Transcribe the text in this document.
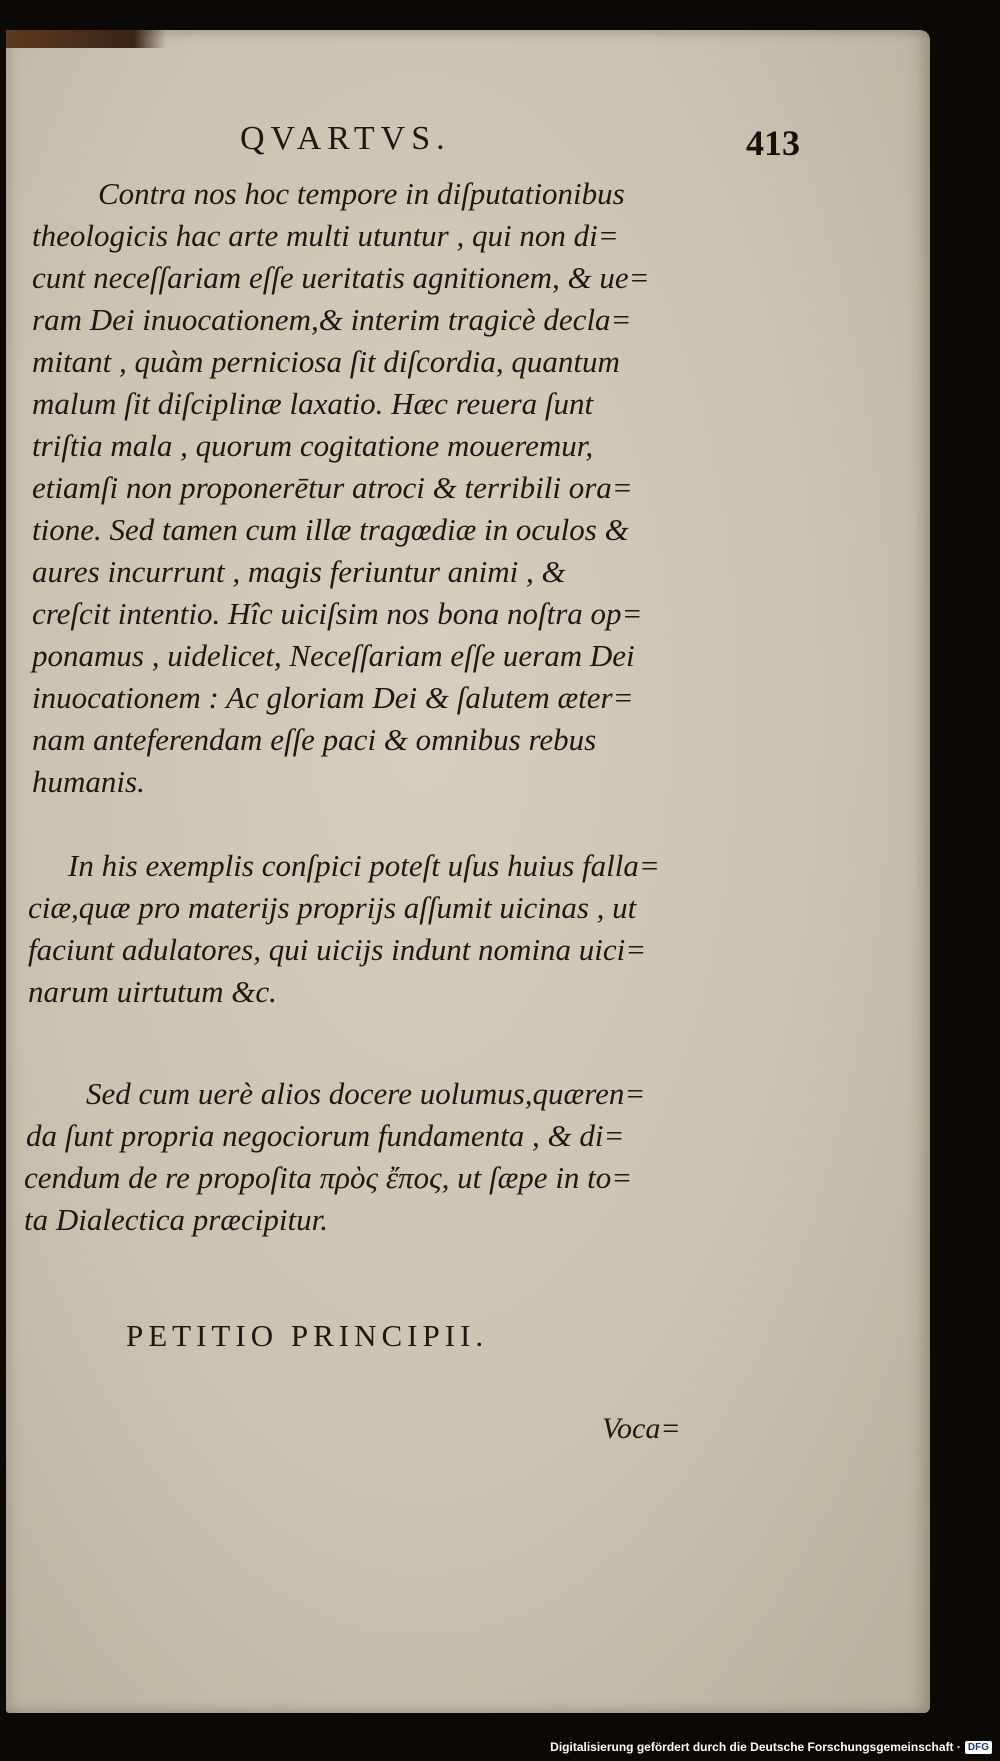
QVARTVS.	413
Contra nos hoc tempore in diſputationibus
theologicis hac arte multi utuntur , qui non di=
cunt neceſſariam eſſe ueritatis agnitionem, & ue=
ram Dei inuocationem,& interim tragicè decla=
mitant , quàm perniciosa ſit diſcordia, quantum
malum ſit diſciplinæ laxatio. Hæc reuera ſunt
triſtia mala , quorum cogitatione moueremur,
etiamſi non proponerētur atroci & terribili ora=
tione. Sed tamen cum illæ tragœdiæ in oculos &
aures incurrunt , magis feriuntur animi , &
creſcit intentio. Hîc uiciſsim nos bona noſtra op=
ponamus , uidelicet, Neceſſariam eſſe ueram Dei
inuocationem : Ac gloriam Dei & ſalutem æter=
nam anteferendam eſſe paci & omnibus rebus
humanis.
In his exemplis conſpici poteſt uſus huius falla=
ciæ,quæ pro materijs proprijs aſſumit uicinas , ut
faciunt adulatores, qui uicijs indunt nomina uici=
narum uirtutum &c.
Sed cum uerè alios docere uolumus,quæren=
da ſunt propria negociorum fundamenta , & di=
cendum de re propoſita πρὸς ἔπος, ut ſæpe in to=
ta Dialectica præcipitur.
PETITIO PRINCIPII.
Voca=
Digitalisierung gefördert durch die Deutsche Forschungsgemeinschaft · DFG
